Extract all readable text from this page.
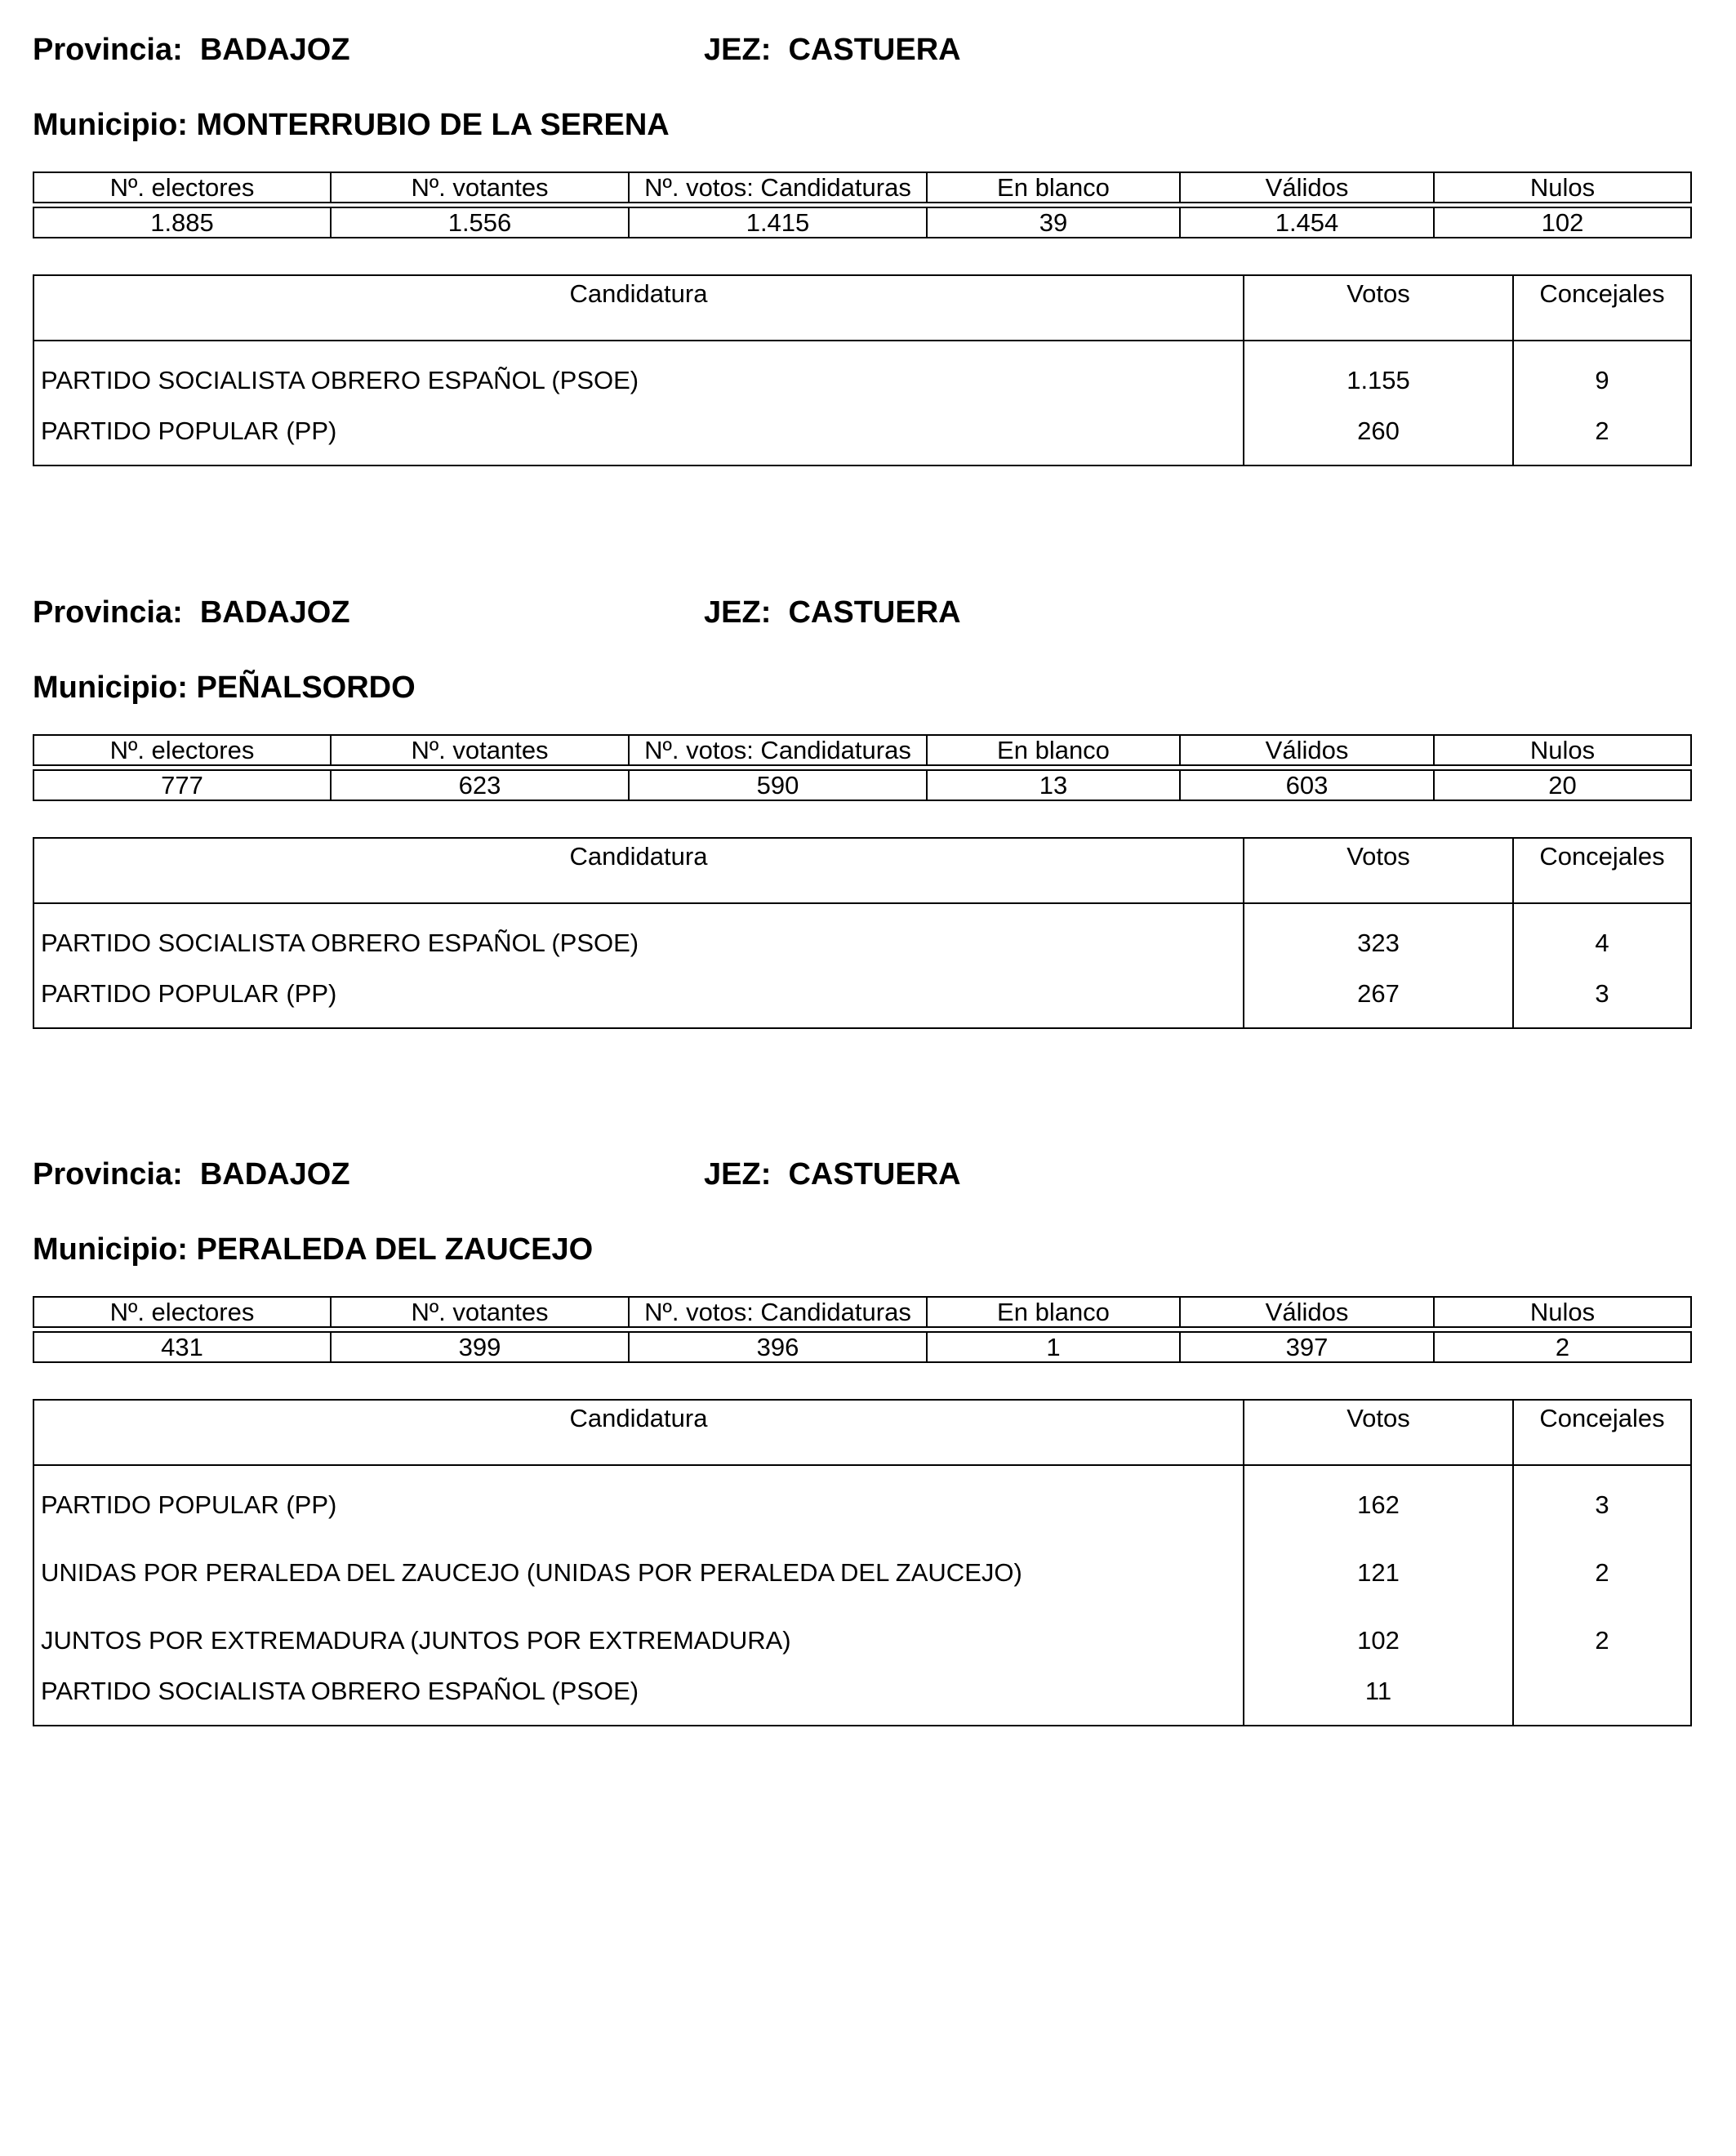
Provincia: BADAJOZ	JEZ: CASTUERA
Municipio: MONTERRUBIO DE LA SERENA
Nº. electores	Nº. votantes	Nº. votos: Candidaturas	En blanco	Válidos	Nulos

1.885	1.556	1.415	39	1.454	102
Candidatura	Votos	Concejales
PARTIDO SOCIALISTA OBRERO ESPAÑOL (PSOE)	1.155	9
PARTIDO POPULAR (PP)	260	2
Provincia: BADAJOZ	JEZ: CASTUERA
Municipio: PEÑALSORDO
Nº. electores	Nº. votantes	Nº. votos: Candidaturas	En blanco	Válidos	Nulos

777	623	590	13	603	20
Candidatura	Votos	Concejales
PARTIDO SOCIALISTA OBRERO ESPAÑOL (PSOE)	323	4
PARTIDO POPULAR (PP)	267	3
Provincia: BADAJOZ	JEZ: CASTUERA
Municipio: PERALEDA DEL ZAUCEJO
Nº. electores	Nº. votantes	Nº. votos: Candidaturas	En blanco	Válidos	Nulos

431	399	396	1	397	2
Candidatura	Votos	Concejales
PARTIDO POPULAR (PP)	162	3
UNIDAS POR PERALEDA DEL ZAUCEJO (UNIDAS POR PERALEDA DEL ZAUCEJO)	121	2
JUNTOS POR EXTREMADURA (JUNTOS POR EXTREMADURA)	102	2
PARTIDO SOCIALISTA OBRERO ESPAÑOL (PSOE)	11	
